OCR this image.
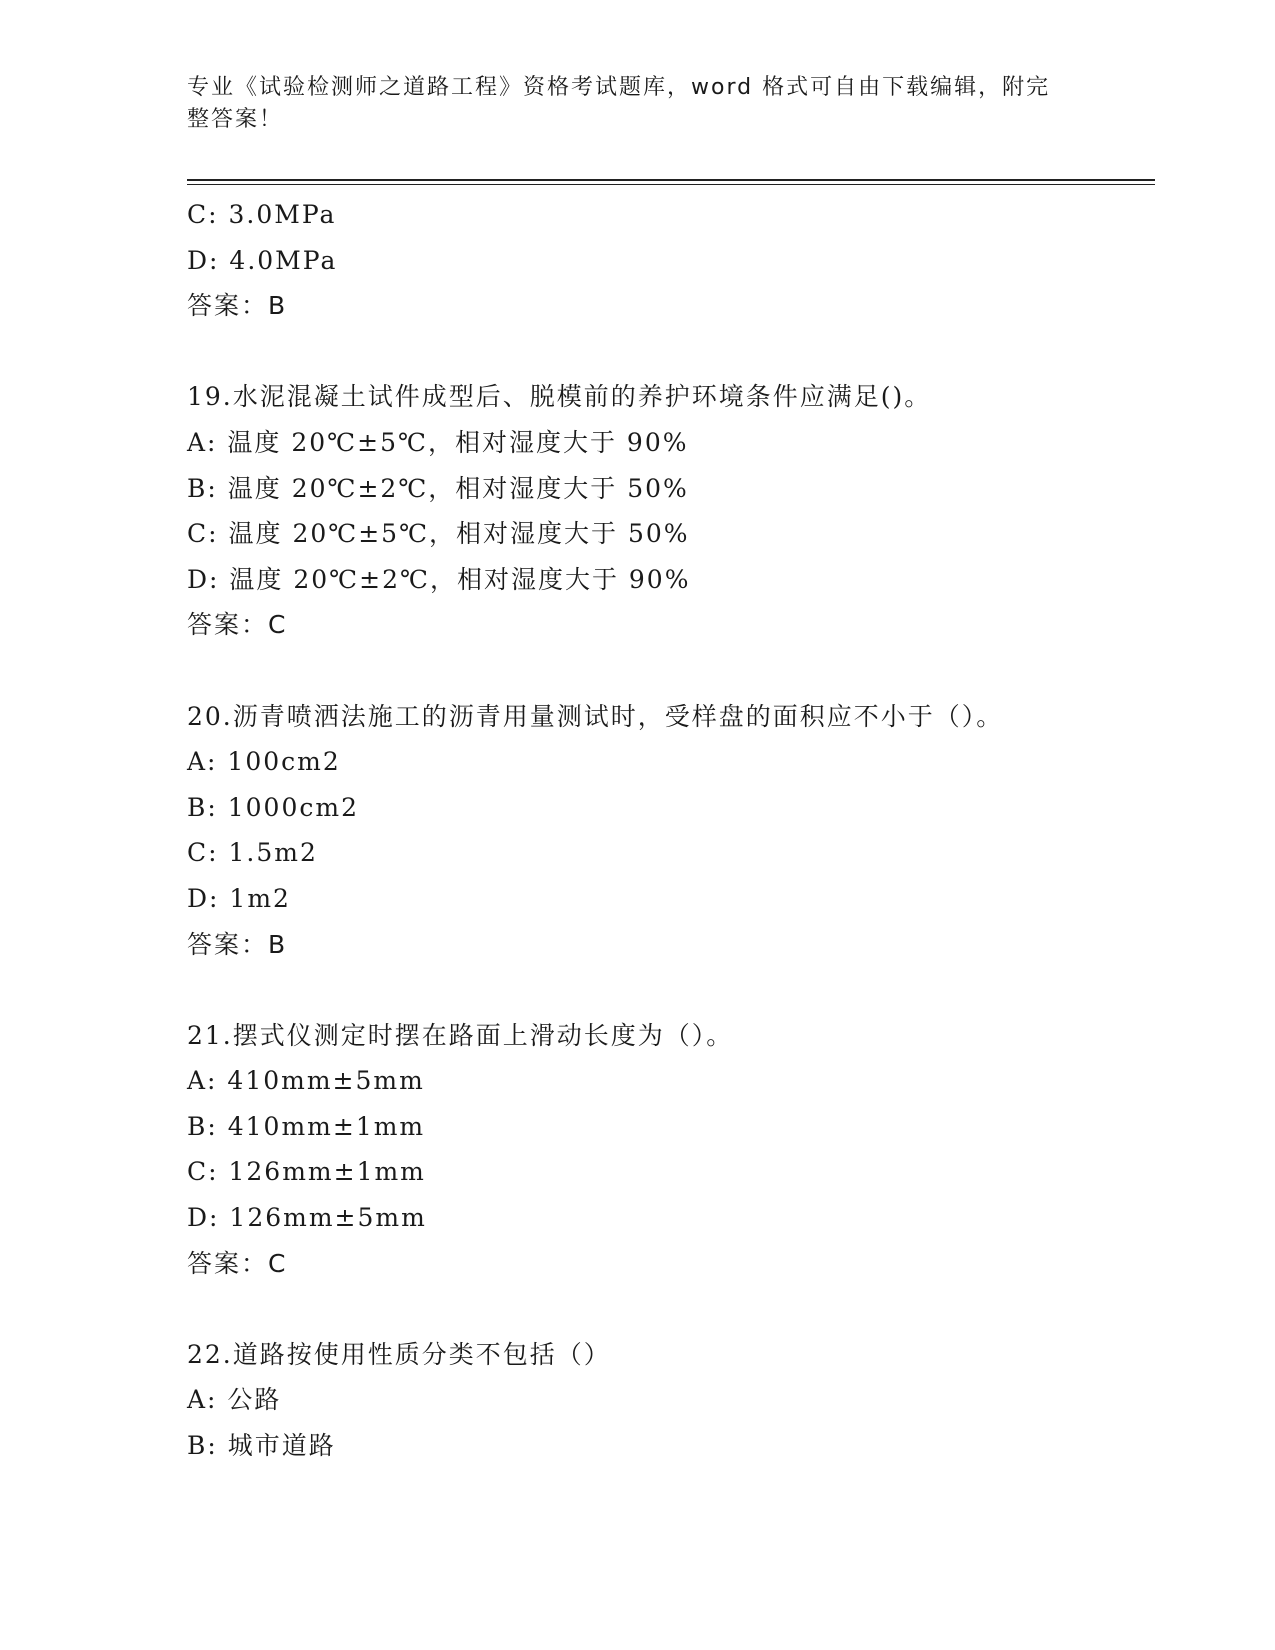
专业《试验检测师之道路工程》资格考试题库，word 格式可自由下载编辑，附完
整答案！
C: 3.0MPa
D: 4.0MPa
答案：B
19.水泥混凝土试件成型后、脱模前的养护环境条件应满足()。
A: 温度 20℃±5℃，相对湿度大于 90%
B: 温度 20℃±2℃，相对湿度大于 50%
C: 温度 20℃±5℃，相对湿度大于 50%
D: 温度 20℃±2℃，相对湿度大于 90%
答案：C
20.沥青喷洒法施工的沥青用量测试时，受样盘的面积应不小于（）。
A: 100cm2
B: 1000cm2
C: 1.5m2
D: 1m2
答案：B
21.摆式仪测定时摆在路面上滑动长度为（）。
A: 410mm±5mm
B: 410mm±1mm
C: 126mm±1mm
D: 126mm±5mm
答案：C
22.道路按使用性质分类不包括（）
A: 公路
B: 城市道路
